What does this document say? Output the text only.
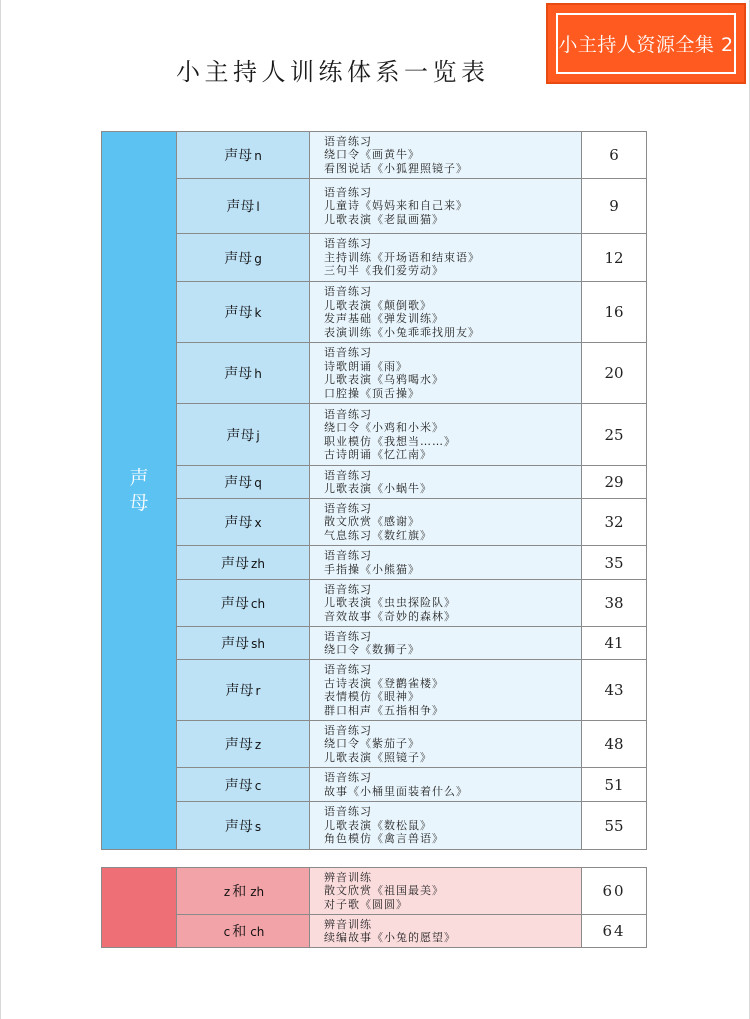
小主持人资源全集 2
小主持人训练体系一览表
声母	声母 n	语音练习
绕口令《画黄牛》
看图说话《小狐狸照镜子》	6
	声母 l	语音练习
儿童诗《妈妈来和自己来》
儿歌表演《老鼠画猫》	9
	声母 g	语音练习
主持训练《开场语和结束语》
三句半《我们爱劳动》	12
	声母 k	语音练习
儿歌表演《颠倒歌》
发声基础《弹发训练》
表演训练《小兔乖乖找朋友》	16
	声母 h	语音练习
诗歌朗诵《雨》
儿歌表演《乌鸦喝水》
口腔操《顶舌操》	20
	声母 j	语音练习
绕口令《小鸡和小米》
职业模仿《我想当……》
古诗朗诵《忆江南》	25
	声母 q	语音练习
儿歌表演《小蜗牛》	29
	声母 x	语音练习
散文欣赏《感谢》
气息练习《数红旗》	32
	声母 zh	语音练习
手指操《小熊猫》	35
	声母 ch	语音练习
儿歌表演《虫虫探险队》
音效故事《奇妙的森林》	38
	声母 sh	语音练习
绕口令《数狮子》	41
	声母 r	语音练习
古诗表演《登鹳雀楼》
表情模仿《眼神》
群口相声《五指相争》	43
	声母 z	语音练习
绕口令《紫茄子》
儿歌表演《照镜子》	48
	声母 c	语音练习
故事《小桶里面装着什么》	51
	声母 s	语音练习
儿歌表演《数松鼠》
角色模仿《禽言兽语》	55
	z 和 zh	辨音训练
散文欣赏《祖国最美》
对子歌《圆圆》	60
	c 和 ch	辨音训练
续编故事《小兔的愿望》	64
